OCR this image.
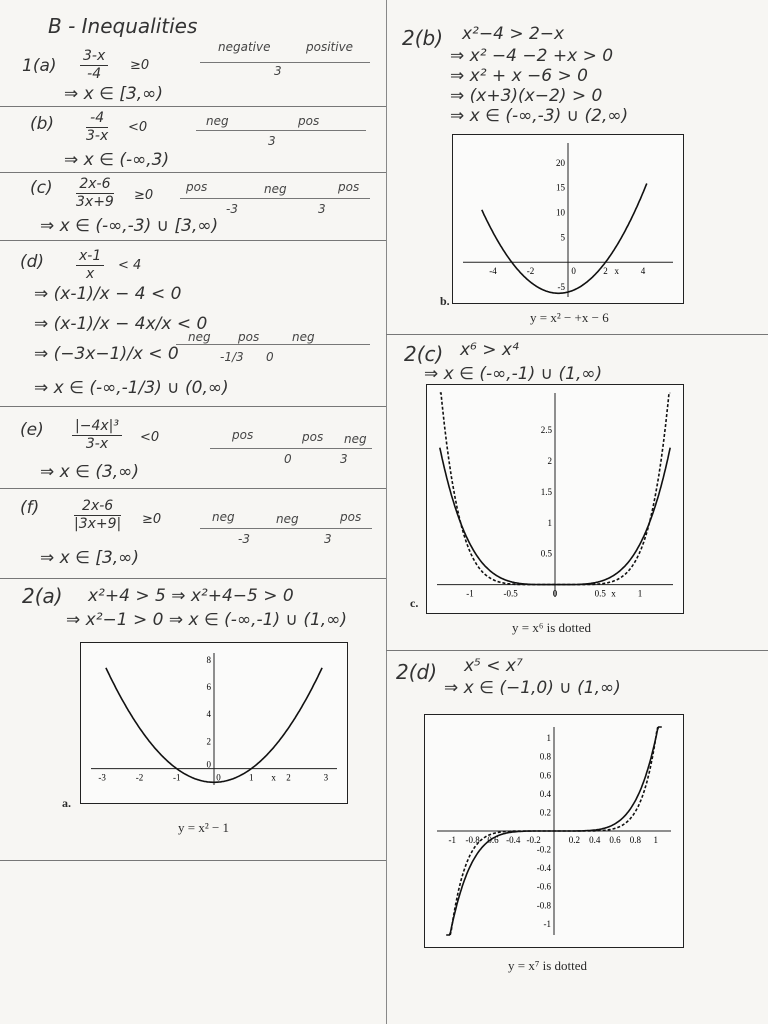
B - Inequalities
$1(a) \frac{3-x}{-4} \ge 0$
negative	positive
3
⇒ x ∈ [3,∞)
$(b) \frac{-4}{3-x} <0$	neg	pos
3
⇒ x ∈ (-∞,3)
$(c) \frac{2x-6}{3x+9} \ge 0$
pos	neg	pos
-3	3
⇒ x ∈ (-∞,-3) ∪ [3,∞)
$(d) \frac{x-1}{x} < 4$
⇒ (x-1)/x − 4 < 0
⇒ (x-1)/x − 4x/x < 0
⇒ (−3x−1)/x < 0
neg pos	neg
-1/3 0
⇒ x ∈ (-∞,-1/3) ∪ (0,∞)
$(e) \frac{\text{|−4x|³}}{3-x} <0$	pos	pos neg
0	3
⇒ x ∈ (3,∞)
$(f) \frac{2x-6}{|3x+9|} \ge 0$	neg	neg	pos
-3	3
⇒ x ∈ [3,∞)
2(a) x²+4 > 5 ⇒ x²+4−5 > 0
⇒ x²−1 > 0 ⇒ x ∈ (-∞,-1) ∪ (1,∞)
-3	-2	-1	0	1 x 2	3
8
6
4
2
0
a.
y = x² − 1
2(b) x²−4 > 2−x
⇒ x² −4 −2 +x > 0
⇒ x² + x −6 > 0
⇒ (x+3)(x−2) > 0
⇒ x ∈ (-∞,-3) ∪ (2,∞)
-4	-2	0	2 x 4
20
15
10
5
-5
b.
y = x² − +x − 6
2(c) x⁶ > x⁴
⇒ x ∈ (-∞,-1) ∪ (1,∞)
-1	-0.5	0	0.5 x 1
2.5
2
1.5
1
0.5
c.
y = x⁶ is dotted
2(d) x⁵ < x⁷
⇒ x ∈ (−1,0) ∪ (1,∞)
-1 -0.8 0.6 -0.4 -0.2	0.2 0.4 0.6 0.8 1
1
0.8
0.6
0.4
0.2
-0.2
-0.4
-0.6
-0.8
-1
y = x⁷ is dotted
